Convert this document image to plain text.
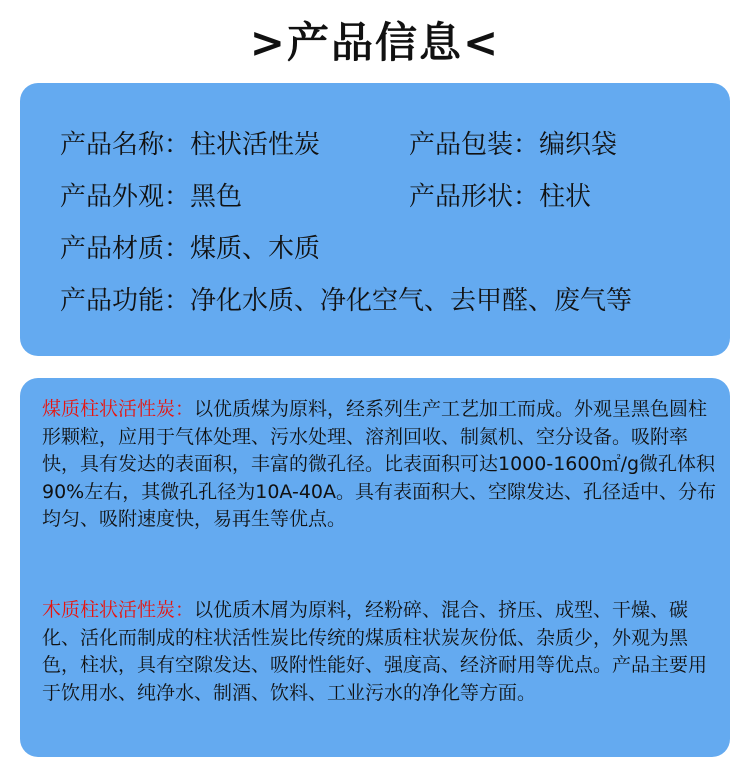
>产品信息<
产品名称：柱状活性炭	产品包装：编织袋
产品外观：黑色	产品形状：柱状
产品材质：煤质、木质
产品功能：净化水质、净化空气、去甲醛、废气等
煤质柱状活性炭：以优质煤为原料，经系列生产工艺加工而成。外观呈黑色圆柱形颗粒，应用于气体处理、污水处理、溶剂回收、制氮机、空分设备。吸附率快，具有发达的表面积，丰富的微孔径。比表面积可达1000-1600㎡/g微孔体积90%左右，其微孔孔径为10A-40A。具有表面积大、空隙发达、孔径适中、分布均匀、吸附速度快，易再生等优点。
木质柱状活性炭：以优质木屑为原料，经粉碎、混合、挤压、成型、干燥、碳化、活化而制成的柱状活性炭比传统的煤质柱状炭灰份低、杂质少，外观为黑色，柱状，具有空隙发达、吸附性能好、强度高、经济耐用等优点。产品主要用于饮用水、纯净水、制酒、饮料、工业污水的净化等方面。
